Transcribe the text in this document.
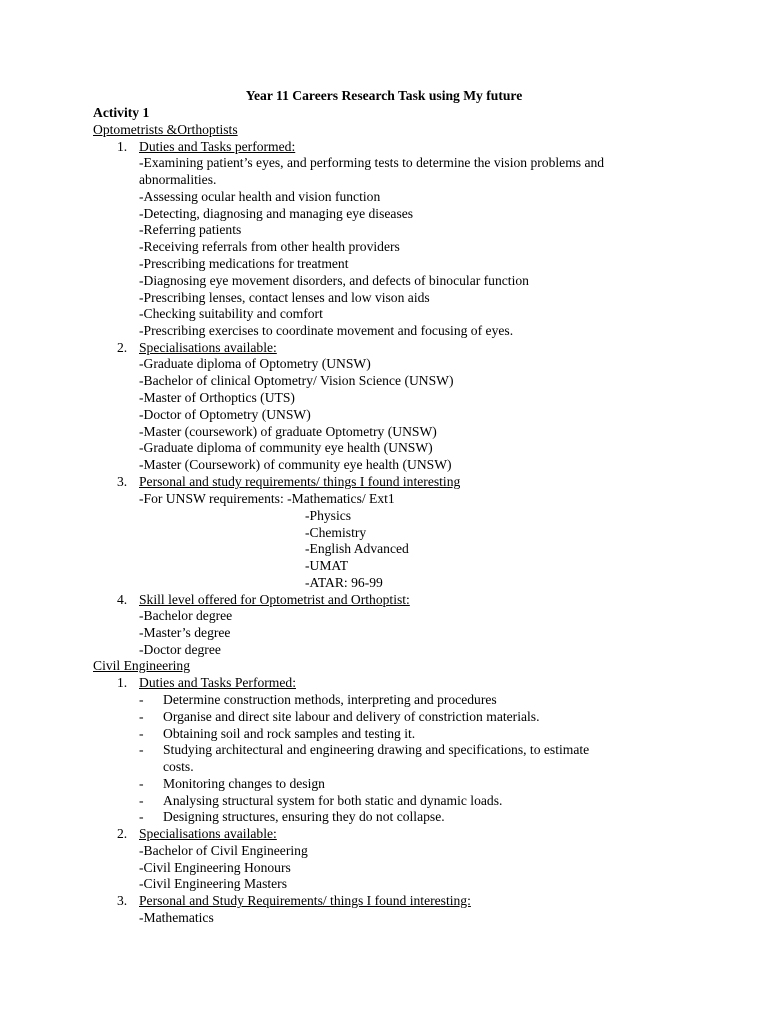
Year 11 Careers Research Task using My future
Activity 1
Optometrists &Orthoptists
1. Duties and Tasks performed:
-Examining patient’s eyes, and performing tests to determine the vision problems and
abnormalities.
-Assessing ocular health and vision function
-Detecting, diagnosing and managing eye diseases
-Referring patients
-Receiving referrals from other health providers
-Prescribing medications for treatment
-Diagnosing eye movement disorders, and defects of binocular function
-Prescribing lenses, contact lenses and low vison aids
-Checking suitability and comfort
-Prescribing exercises to coordinate movement and focusing of eyes.
2. Specialisations available:
-Graduate diploma of Optometry (UNSW)
-Bachelor of clinical Optometry/ Vision Science (UNSW)
-Master of Orthoptics (UTS)
-Doctor of Optometry (UNSW)
-Master (coursework) of graduate Optometry (UNSW)
-Graduate diploma of community eye health (UNSW)
-Master (Coursework) of community eye health (UNSW)
3. Personal and study requirements/ things I found interesting
-For UNSW requirements: -Mathematics/ Ext1
-Physics
-Chemistry
-English Advanced
-UMAT
-ATAR: 96-99
4. Skill level offered for Optometrist and Orthoptist:
-Bachelor degree
-Master’s degree
-Doctor degree
Civil Engineering
1. Duties and Tasks Performed:
- Determine construction methods, interpreting and procedures
- Organise and direct site labour and delivery of constriction materials.
- Obtaining soil and rock samples and testing it.
- Studying architectural and engineering drawing and specifications, to estimate
costs.
- Monitoring changes to design
- Analysing structural system for both static and dynamic loads.
- Designing structures, ensuring they do not collapse.
2. Specialisations available:
-Bachelor of Civil Engineering
-Civil Engineering Honours
-Civil Engineering Masters
3. Personal and Study Requirements/ things I found interesting:
-Mathematics
